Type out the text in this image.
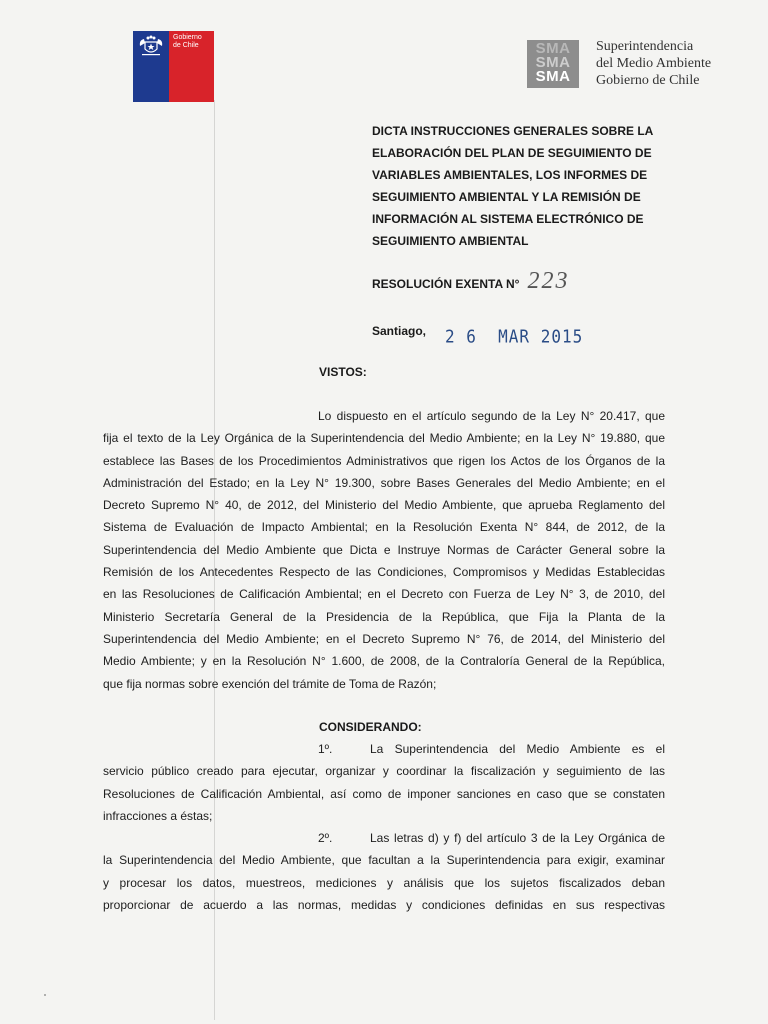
Gobierno
de Chile	SMA
SMA
SMA
Superintendencia
del Medio Ambiente
Gobierno de Chile
DICTA INSTRUCCIONES GENERALES SOBRE LA
ELABORACIÓN DEL PLAN DE SEGUIMIENTO DE
VARIABLES AMBIENTALES, LOS INFORMES DE
SEGUIMIENTO AMBIENTAL Y LA REMISIÓN DE
INFORMACIÓN AL SISTEMA ELECTRÓNICO DE
SEGUIMIENTO AMBIENTAL
RESOLUCIÓN EXENTA N° 223
Santiago, 2 6  MAR 2015
VISTOS:
Lo dispuesto en el artículo segundo de la Ley N° 20.417, que
fija el texto de la Ley Orgánica de la Superintendencia del Medio Ambiente; en la Ley N° 19.880, que
establece las Bases de los Procedimientos Administrativos que rigen los Actos de los Órganos de la
Administración del Estado; en la Ley N° 19.300, sobre Bases Generales del Medio Ambiente; en el
Decreto Supremo N° 40, de 2012, del Ministerio del Medio Ambiente, que aprueba Reglamento del
Sistema de Evaluación de Impacto Ambiental; en la Resolución Exenta N° 844, de 2012, de la
Superintendencia del Medio Ambiente que Dicta e Instruye Normas de Carácter General sobre la
Remisión de los Antecedentes Respecto de las Condiciones, Compromisos y Medidas Establecidas
en las Resoluciones de Calificación Ambiental; en el Decreto con Fuerza de Ley N° 3, de 2010, del
Ministerio Secretaría General de la Presidencia de la República, que Fija la Planta de la
Superintendencia del Medio Ambiente; en el Decreto Supremo N° 76, de 2014, del Ministerio del
Medio Ambiente; y en la Resolución N° 1.600, de 2008, de la Contraloría General de la República,
que fija normas sobre exención del trámite de Toma de Razón;
CONSIDERANDO:
1º.	La Superintendencia del Medio Ambiente es el
servicio público creado para ejecutar, organizar y coordinar la fiscalización y seguimiento de las
Resoluciones de Calificación Ambiental, así como de imponer sanciones en caso que se constaten
infracciones a éstas;
2º.	Las letras d) y f) del artículo 3 de la Ley Orgánica de
la Superintendencia del Medio Ambiente, que facultan a la Superintendencia para exigir, examinar
y procesar los datos, muestreos, mediciones y análisis que los sujetos fiscalizados deban
proporcionar de acuerdo a las normas, medidas y condiciones definidas en sus respectivas
